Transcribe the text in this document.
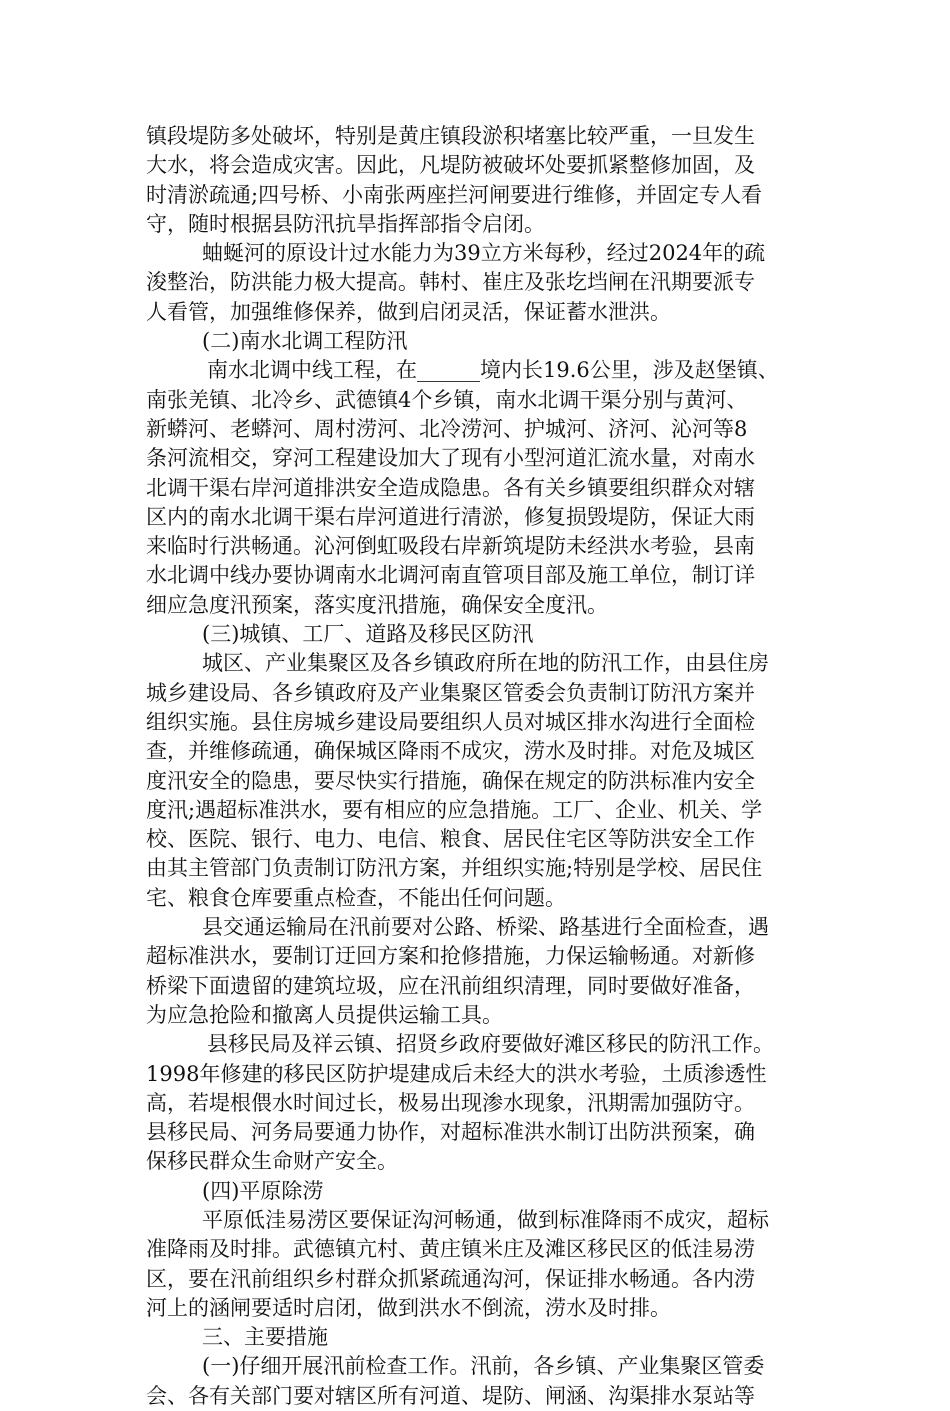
镇段堤防多处破坏，特别是黄庄镇段淤积堵塞比较严重，一旦发生
大水，将会造成灾害。因此，凡堤防被破坏处要抓紧整修加固，及
时清淤疏通;四号桥、小南张两座拦河闸要进行维修，并固定专人看
守，随时根据县防汛抗旱指挥部指令启闭。
蚰蜒河的原设计过水能力为39立方米每秒，经过2024年的疏
浚整治，防洪能力极大提高。韩村、崔庄及张圪垱闸在汛期要派专
人看管，加强维修保养，做到启闭灵活，保证蓄水泄洪。
(二)南水北调工程防汛
南水北调中线工程，在______境内长19.6公里，涉及赵堡镇、
南张羌镇、北冷乡、武德镇4个乡镇，南水北调干渠分别与黄河、
新蟒河、老蟒河、周村涝河、北冷涝河、护城河、济河、沁河等8
条河流相交，穿河工程建设加大了现有小型河道汇流水量，对南水
北调干渠右岸河道排洪安全造成隐患。各有关乡镇要组织群众对辖
区内的南水北调干渠右岸河道进行清淤，修复损毁堤防，保证大雨
来临时行洪畅通。沁河倒虹吸段右岸新筑堤防未经洪水考验，县南
水北调中线办要协调南水北调河南直管项目部及施工单位，制订详
细应急度汛预案，落实度汛措施，确保安全度汛。
(三)城镇、工厂、道路及移民区防汛
城区、产业集聚区及各乡镇政府所在地的防汛工作，由县住房
城乡建设局、各乡镇政府及产业集聚区管委会负责制订防汛方案并
组织实施。县住房城乡建设局要组织人员对城区排水沟进行全面检
查，并维修疏通，确保城区降雨不成灾，涝水及时排。对危及城区
度汛安全的隐患，要尽快实行措施，确保在规定的防洪标准内安全
度汛;遇超标准洪水，要有相应的应急措施。工厂、企业、机关、学
校、医院、银行、电力、电信、粮食、居民住宅区等防洪安全工作
由其主管部门负责制订防汛方案，并组织实施;特别是学校、居民住
宅、粮食仓库要重点检查，不能出任何问题。
县交通运输局在汛前要对公路、桥梁、路基进行全面检查，遇
超标准洪水，要制订迂回方案和抢修措施，力保运输畅通。对新修
桥梁下面遗留的建筑垃圾，应在汛前组织清理，同时要做好准备，
为应急抢险和撤离人员提供运输工具。
县移民局及祥云镇、招贤乡政府要做好滩区移民的防汛工作。
1998年修建的移民区防护堤建成后未经大的洪水考验，土质渗透性
高，若堤根偎水时间过长，极易出现渗水现象，汛期需加强防守。
县移民局、河务局要通力协作，对超标准洪水制订出防洪预案，确
保移民群众生命财产安全。
(四)平原除涝
平原低洼易涝区要保证沟河畅通，做到标准降雨不成灾，超标
准降雨及时排。武德镇亢村、黄庄镇米庄及滩区移民区的低洼易涝
区，要在汛前组织乡村群众抓紧疏通沟河，保证排水畅通。各内涝
河上的涵闸要适时启闭，做到洪水不倒流，涝水及时排。
三、主要措施
(一)仔细开展汛前检查工作。汛前，各乡镇、产业集聚区管委
会、各有关部门要对辖区所有河道、堤防、闸涵、沟渠排水泵站等
